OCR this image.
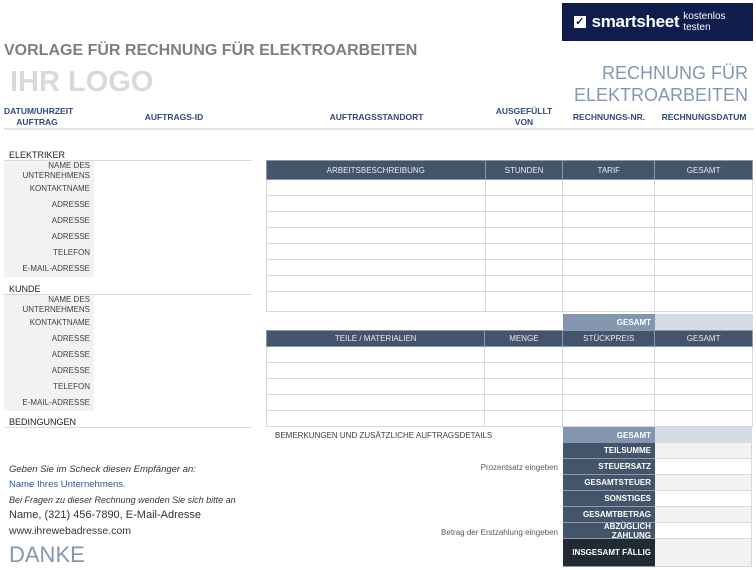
✓ smartsheet kostenlos testen
VORLAGE FÜR RECHNUNG FÜR ELEKTROARBEITEN
IHR LOGO	RECHNUNG FÜR
ELEKTROARBEITEN
DATUM/UHRZEIT
AUFTRAG	AUFTRAGS-ID	AUFTRAGSSTANDORT
AUSGEFÜLLT
VON	RECHNUNGS-NR.	RECHNUNGSDATUM
ELEKTRIKER
NAME DES UNTERNEHMENS
KONTAKTNAME
ADRESSE
ADRESSE
ADRESSE
TELEFON
E-MAIL-ADRESSE
KUNDE
NAME DES UNTERNEHMENS
KONTAKTNAME
ADRESSE
ADRESSE
ADRESSE
TELEFON
E-MAIL-ADRESSE
BEDINGUNGEN
ARBEITSBESCHREIBUNG	STUNDEN	TARIF	GESAMT

GESAMT
TEILE / MATERIALIEN	MENGE	STÜCKPREIS	GESAMT

BEMERKUNGEN UND ZUSÄTZLICHE AUFTRAGSDETAILS	GESAMT
TEILSUMME
STEUERSATZ
GESAMTSTEUER
SONSTIGES
GESAMTBETRAG
ABZÜGLICH ZAHLUNG
INSGESAMT FÄLLIG
Prozentsatz eingeben
Betrag der Erstzahlung eingeben
Geben Sie im Scheck diesen Empfänger an:
Name Ihres Unternehmens.
Bei Fragen zu dieser Rechnung wenden Sie sich bitte an
Name, (321) 456-7890, E-Mail-Adresse
www.ihrewebadresse.com
DANKE
